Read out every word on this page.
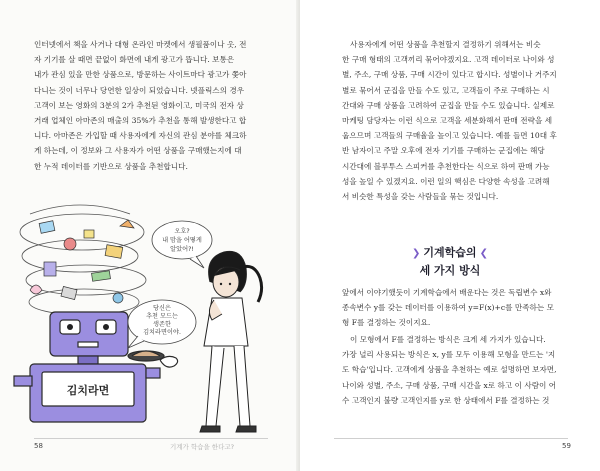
인터넷에서 책을 사거나 대형 온라인 마켓에서 생필품이나 옷, 전
자 기기를 살 때면 끝없이 화면에 내게 광고가 뜹니다. 보통은
내가 관심 있을 만한 상품으로, 방문하는 사이트마다 광고가 쫓아
다니는 것이 너무나 당연한 일상이 되었습니다. 넷플릭스의 경우
고객이 보는 영화의 3분의 2가 추천된 영화이고, 미국의 전자 상
거래 업체인 아마존의 매출의 35%가 추천을 통해 발생한다고 합
니다. 아마존은 가입할 때 사용자에게 자신의 관심 분야를 체크하
게 하는데, 이 정보와 그 사용자가 어떤 상품을 구매했는지에 대
한 누적 데이터를 기반으로 상품을 추천합니다.
김치라면
오호?
내 맘을 어떻게
알았어?!
당신은
추천 모드는
생존한
김치라면이야.
58	기계가 학습을 한다고?
사용자에게 어떤 상품을 추천할지 결정하기 위해서는 비슷
한 구매 형태의 고객끼리 묶어야겠지요. 고객 데이터로 나이와 성
별, 주소, 구매 상품, 구매 시간이 있다고 합시다. 성별이나 거주지
별로 묶어서 군집을 만들 수도 있고, 고객들이 주로 구매하는 시
간대와 구매 상품을 고려하여 군집을 만들 수도 있습니다. 실제로
마케팅 담당자는 이런 식으로 고객을 세분화해서 판매 전략을 세
웁으므며 고객들의 구매율을 높이고 있습니다. 예를 들면 10대 후
반 남자이고 주말 오후에 전자 기기를 구매하는 군집에는 해당
시간대에 블루투스 스피커를 추천한다는 식으로 하여 판매 가능
성을 높일 수 있겠지요. 이런 일의 핵심은 다양한 속성을 고려해
서 비슷한 특성을 갖는 사람들을 묶는 것입니다.
❯ 기계학습의 ❮
세 가지 방식
앞에서 이야기했듯이 기계학습에서 배운다는 것은 독립변수 x와
종속변수 y를 갖는 데이터를 이용하여 y=F(x)+c를 만족하는 모
형 F를 결정하는 것이지요.
이 모형에서 F를 결정하는 방식은 크게 세 가지가 있습니다.
가장 널리 사용되는 방식은 x, y를 모두 이용해 모형을 만드는 '지
도 학습'입니다. 고객에게 상품을 추천하는 예로 설명하면 보자면,
나이와 성별, 주소, 구매 상품, 구매 시간을 x로 하고 이 사람이 어
수 고객인지 불량 고객인지를 y로 한 상태에서 F를 결정하는 것
59
